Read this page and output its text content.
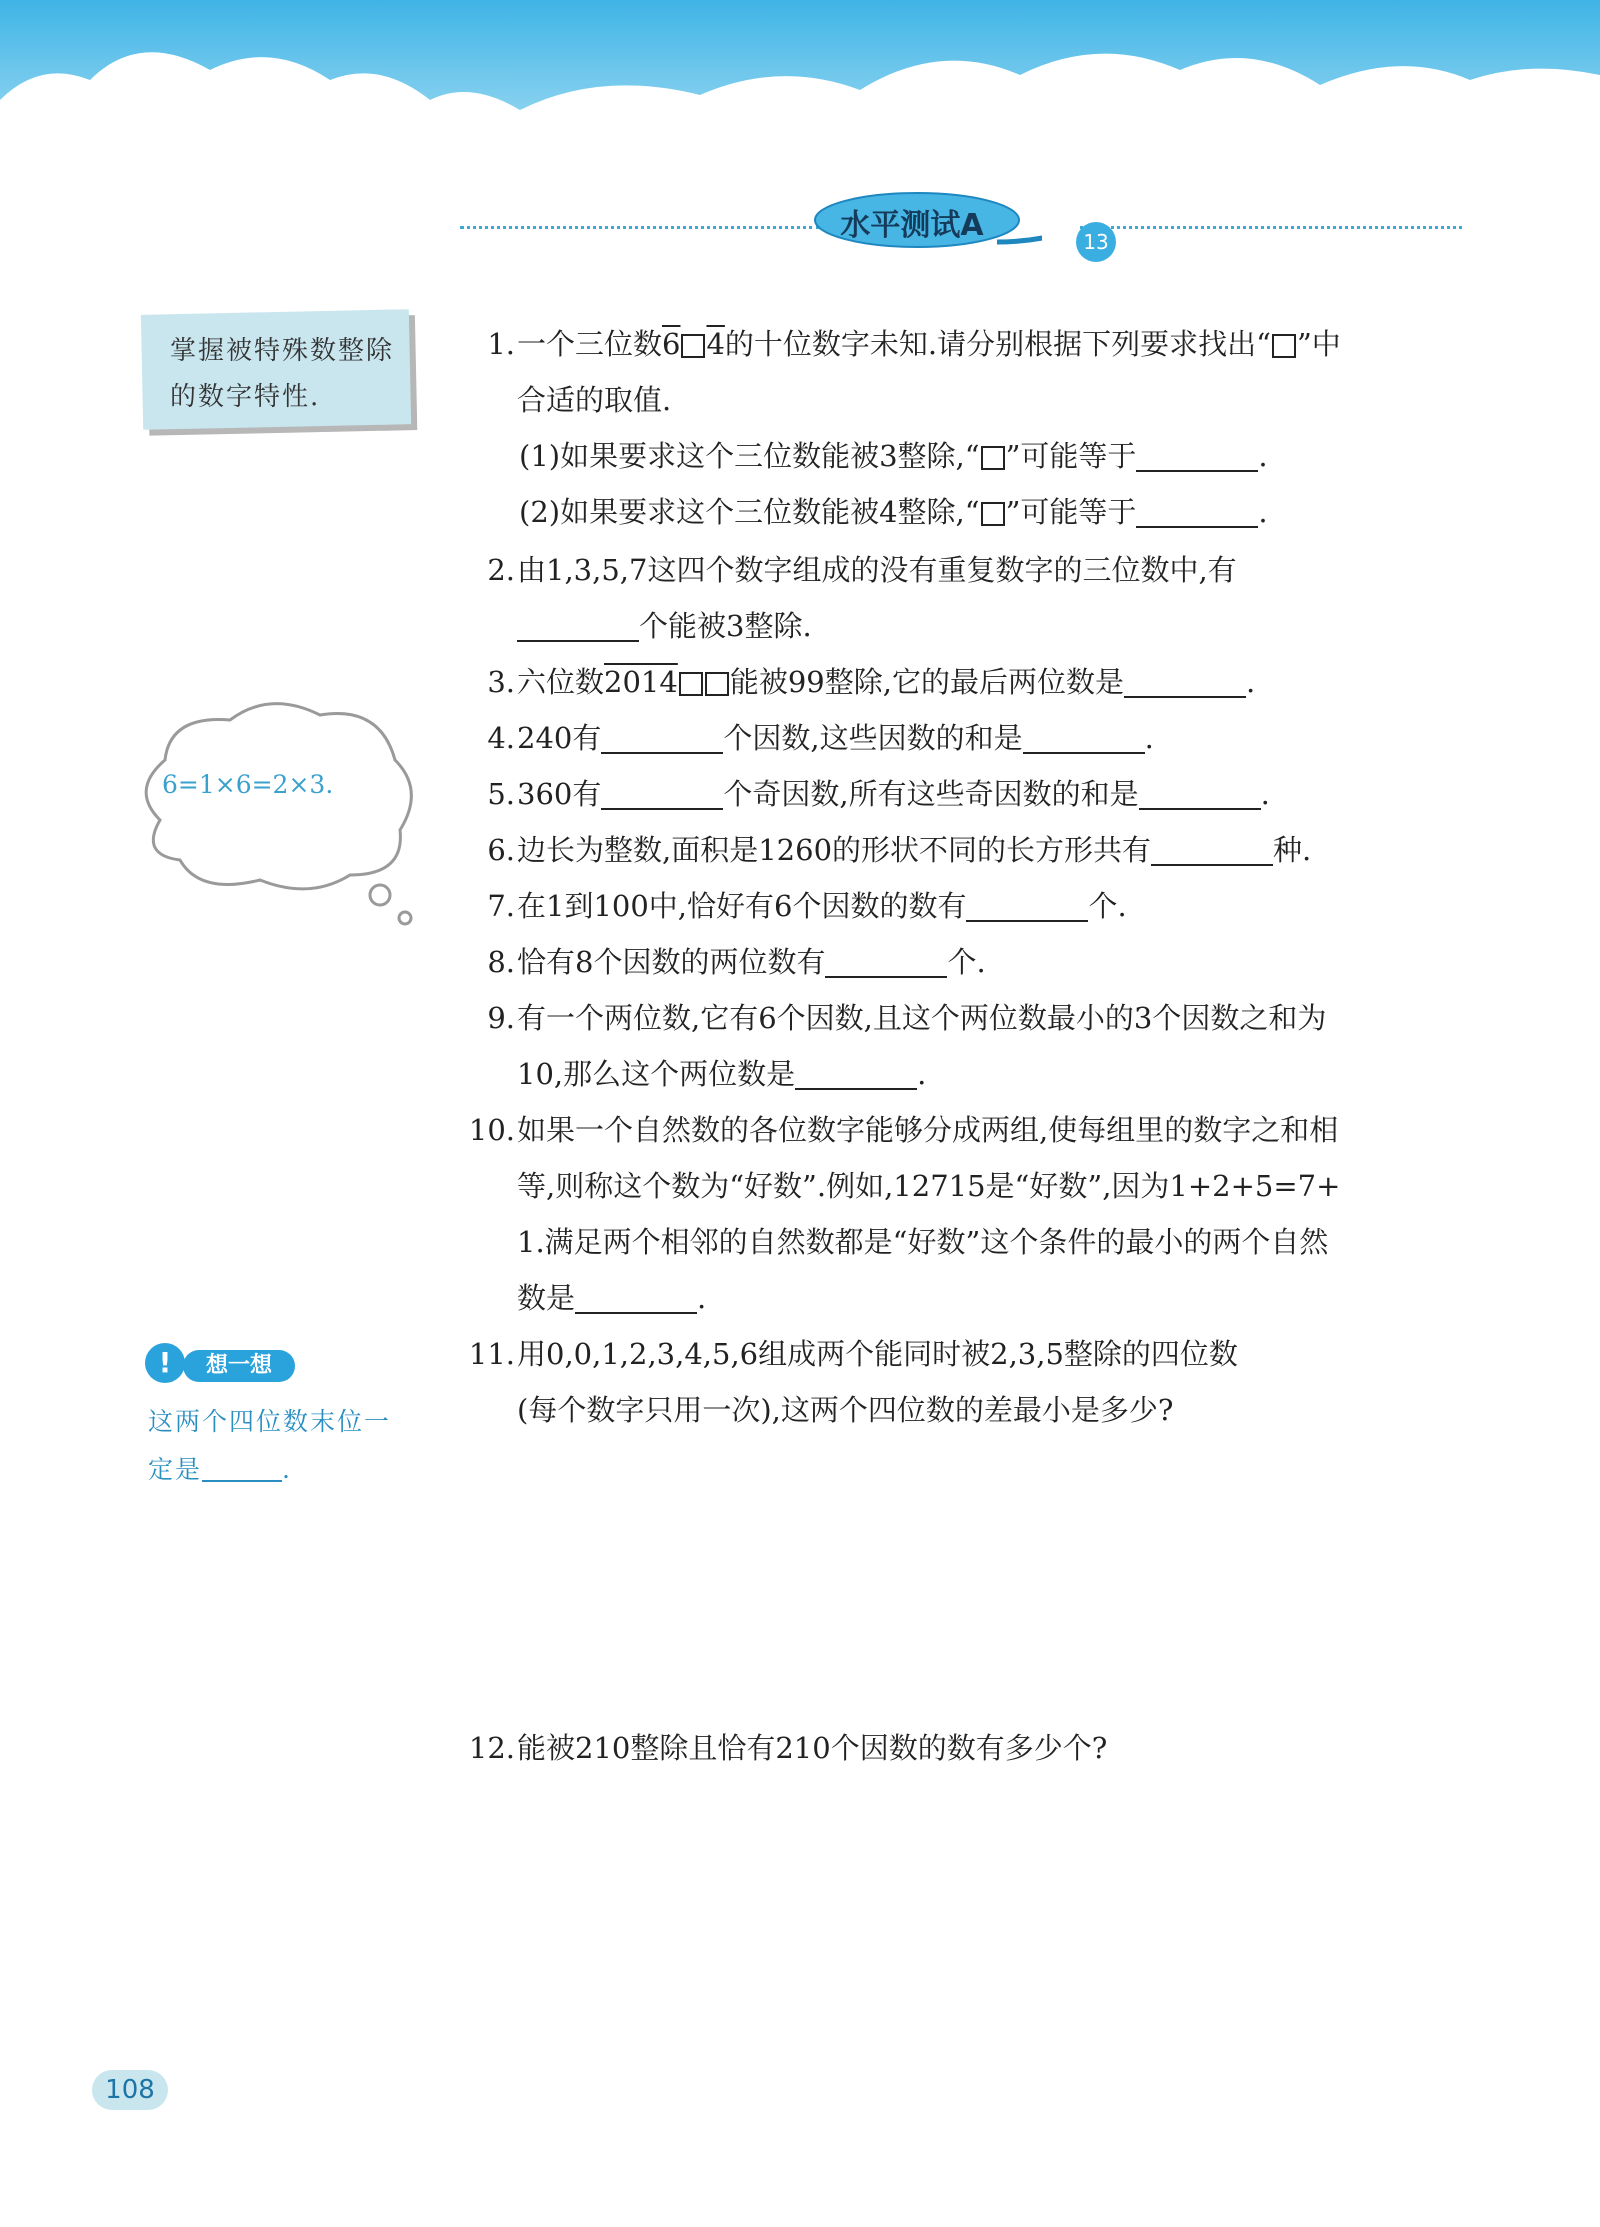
水平测试A	13
掌握被特殊数整除的数字特性.
6=1×6=2×3.
!	想一想
这两个四位数末位一
定是	.
1. 一个三位数6 4的十位数字未知.请分别根据下列要求找出“ ”中
合适的取值.
(1)如果要求这个三位数能被3整除,“ ”可能等于	.
(2)如果要求这个三位数能被4整除,“ ”可能等于	.
2. 由1,3,5,7这四个数字组成的没有重复数字的三位数中,有
个能被3整除.
3. 六位数2014 能被99整除,它的最后两位数是	.
4. 240有	个因数,这些因数的和是	.
5. 360有	个奇因数,所有这些奇因数的和是	.
6. 边长为整数,面积是1260的形状不同的长方形共有	种.
7. 在1到100中,恰好有6个因数的数有	个.
8. 恰有8个因数的两位数有	个.
9. 有一个两位数,它有6个因数,且这个两位数最小的3个因数之和为
10,那么这个两位数是	.
10. 如果一个自然数的各位数字能够分成两组,使每组里的数字之和相
等,则称这个数为“好数”.例如,12715是“好数”,因为1+2+5=7+
1.满足两个相邻的自然数都是“好数”这个条件的最小的两个自然
数是	.
11. 用0,0,1,2,3,4,5,6组成两个能同时被2,3,5整除的四位数
(每个数字只用一次),这两个四位数的差最小是多少?
12. 能被210整除且恰有210个因数的数有多少个?
108
